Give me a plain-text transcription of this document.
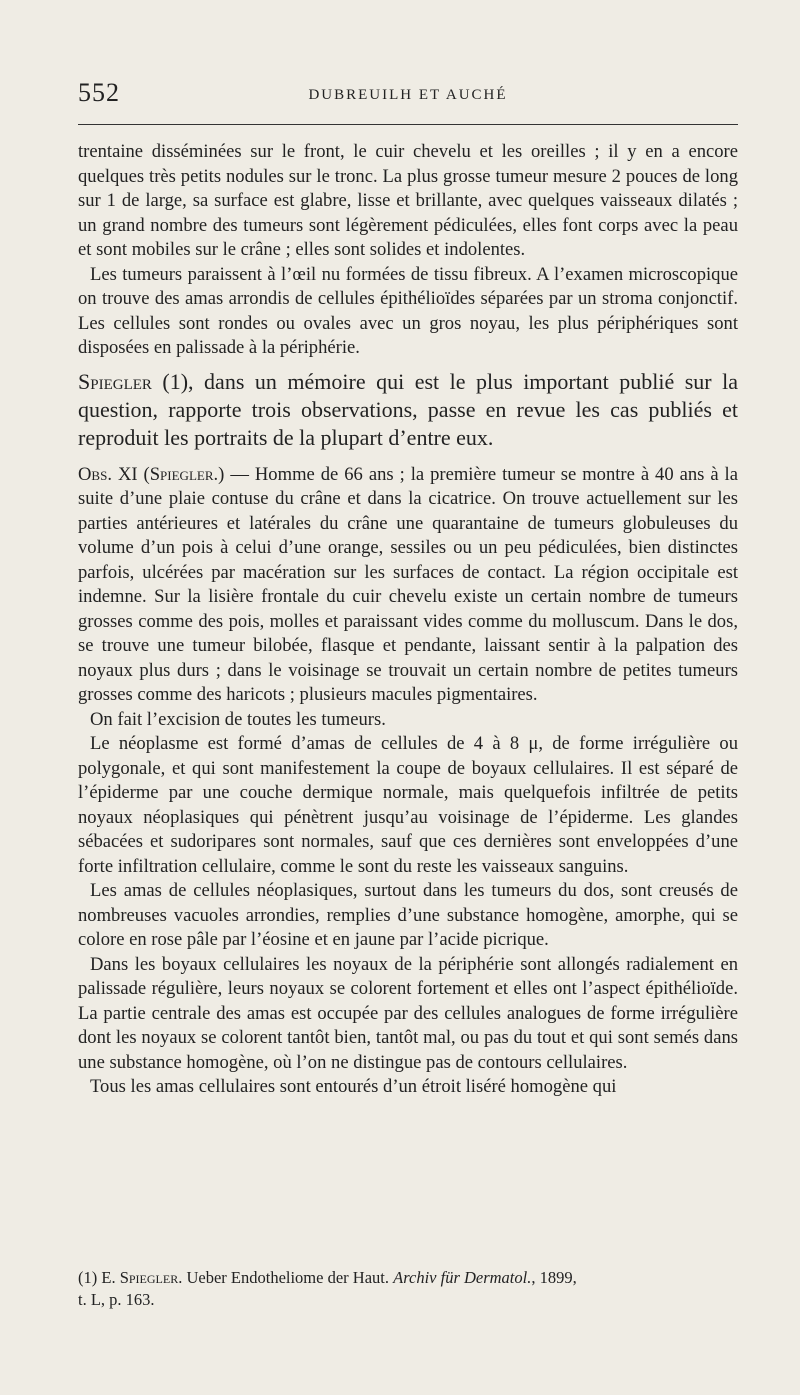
552	DUBREUILH ET AUCHÉ

trentaine disséminées sur le front, le cuir chevelu et les oreilles ; il y en a encore quelques très petits nodules sur le tronc. La plus grosse tumeur mesure 2 pouces de long sur 1 de large, sa surface est glabre, lisse et brillante, avec quelques vaisseaux dilatés ; un grand nombre des tumeurs sont légèrement pédiculées, elles font corps avec la peau et sont mobiles sur le crâne ; elles sont solides et indolentes.

Les tumeurs paraissent à l’œil nu formées de tissu fibreux. A l’examen microscopique on trouve des amas arrondis de cellules épithélioïdes séparées par un stroma conjonctif. Les cellules sont rondes ou ovales avec un gros noyau, les plus périphériques sont disposées en palissade à la périphérie.

Spiegler (1), dans un mémoire qui est le plus important publié sur la question, rapporte trois observations, passe en revue les cas publiés et reproduit les portraits de la plupart d’entre eux.

Obs. XI (Spiegler.) — Homme de 66 ans ; la première tumeur se montre à 40 ans à la suite d’une plaie contuse du crâne et dans la cicatrice. On trouve actuellement sur les parties antérieures et latérales du crâne une quarantaine de tumeurs globuleuses du volume d’un pois à celui d’une orange, sessiles ou un peu pédiculées, bien distinctes parfois, ulcérées par macération sur les surfaces de contact. La région occipitale est indemne. Sur la lisière frontale du cuir chevelu existe un certain nombre de tumeurs grosses comme des pois, molles et paraissant vides comme du molluscum. Dans le dos, se trouve une tumeur bilobée, flasque et pendante, laissant sentir à la palpation des noyaux plus durs ; dans le voisinage se trouvait un certain nombre de petites tumeurs grosses comme des haricots ; plusieurs macules pigmentaires.

On fait l’excision de toutes les tumeurs.

Le néoplasme est formé d’amas de cellules de 4 à 8 μ, de forme irrégulière ou polygonale, et qui sont manifestement la coupe de boyaux cellulaires. Il est séparé de l’épiderme par une couche dermique normale, mais quelquefois infiltrée de petits noyaux néoplasiques qui pénètrent jusqu’au voisinage de l’épiderme. Les glandes sébacées et sudoripares sont normales, sauf que ces dernières sont enveloppées d’une forte infiltration cellulaire, comme le sont du reste les vaisseaux sanguins.

Les amas de cellules néoplasiques, surtout dans les tumeurs du dos, sont creusés de nombreuses vacuoles arrondies, remplies d’une substance homogène, amorphe, qui se colore en rose pâle par l’éosine et en jaune par l’acide picrique.

Dans les boyaux cellulaires les noyaux de la périphérie sont allongés radialement en palissade régulière, leurs noyaux se colorent fortement et elles ont l’aspect épithélioïde. La partie centrale des amas est occupée par des cellules analogues de forme irrégulière dont les noyaux se colorent tantôt bien, tantôt mal, ou pas du tout et qui sont semés dans une substance homogène, où l’on ne distingue pas de contours cellulaires.

Tous les amas cellulaires sont entourés d’un étroit liséré homogène qui

(1) E. Spiegler. Ueber Endotheliome der Haut. Archiv für Dermatol., 1899,
t. L, p. 163.
